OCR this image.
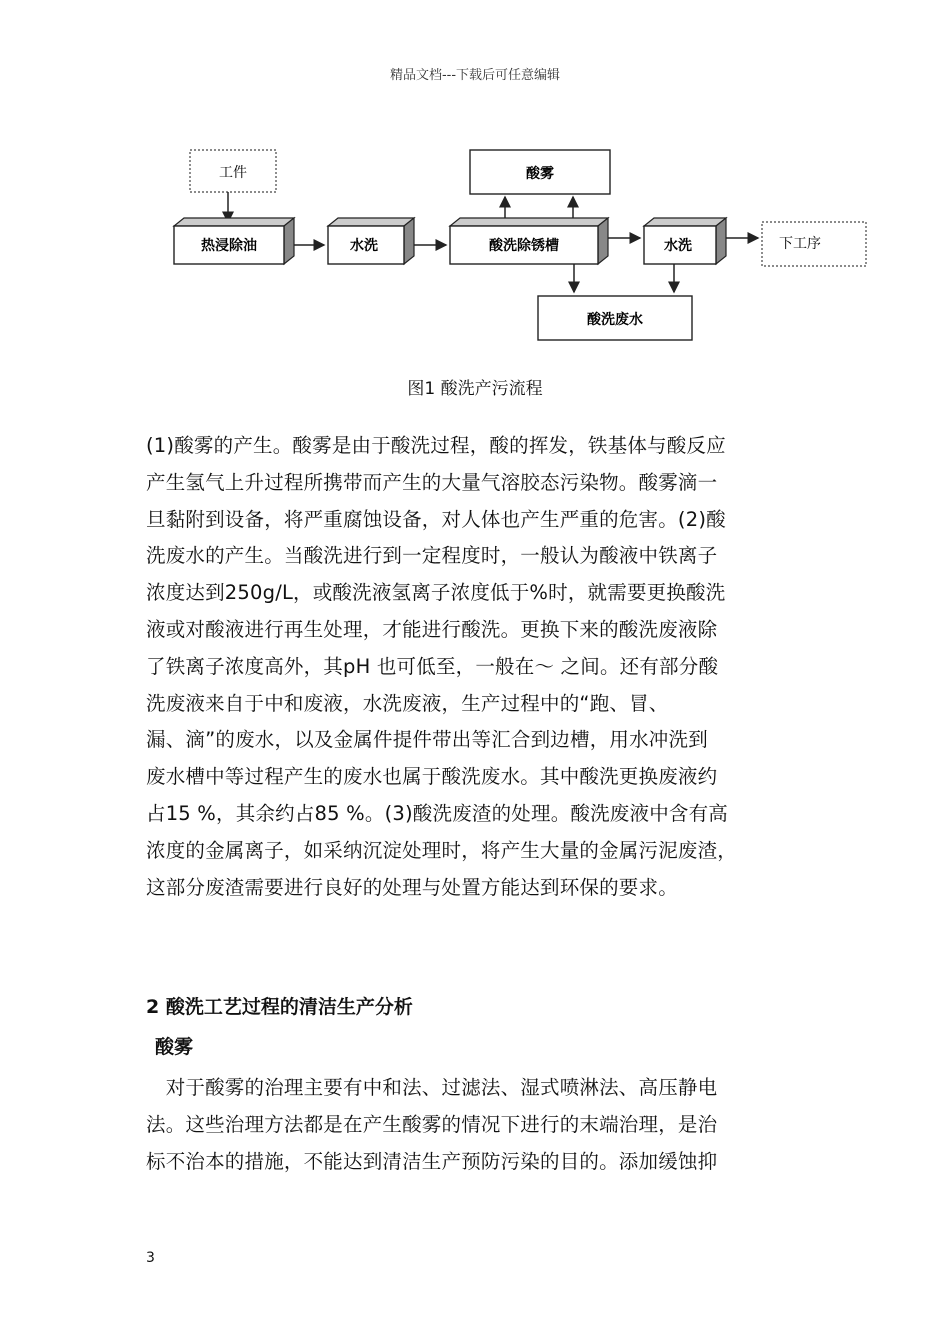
精品文档---下载后可任意编辑
工件
热浸除油	水洗	酸洗除锈槽
酸雾
水洗	下工序
酸洗废水
图1 酸洗产污流程

(1)酸雾的产生。酸雾是由于酸洗过程，酸的挥发，铁基体与酸反应
产生氢气上升过程所携带而产生的大量气溶胶态污染物。酸雾滴一
旦黏附到设备，将严重腐蚀设备，对人体也产生严重的危害。(2)酸
洗废水的产生。当酸洗进行到一定程度时，一般认为酸液中铁离子
浓度达到250g/L，或酸洗液氢离子浓度低于%时，就需要更换酸洗
液或对酸液进行再生处理，才能进行酸洗。更换下来的酸洗废液除
了铁离子浓度高外，其pH 也可低至，一般在～ 之间。还有部分酸
洗废液来自于中和废液，水洗废液，生产过程中的“跑、冒、
漏、滴”的废水，以及金属件提件带出等汇合到边槽，用水冲洗到
废水槽中等过程产生的废水也属于酸洗废水。其中酸洗更换废液约
占15 %，其余约占85 %。(3)酸洗废渣的处理。酸洗废液中含有高
浓度的金属离子，如采纳沉淀处理时，将产生大量的金属污泥废渣，
这部分废渣需要进行良好的处理与处置方能达到环保的要求。

2 酸洗工艺过程的清洁生产分析
酸雾

　对于酸雾的治理主要有中和法、过滤法、湿式喷淋法、高压静电
法。这些治理方法都是在产生酸雾的情况下进行的末端治理，是治
标不治本的措施，不能达到清洁生产预防污染的目的。添加缓蚀抑

3
